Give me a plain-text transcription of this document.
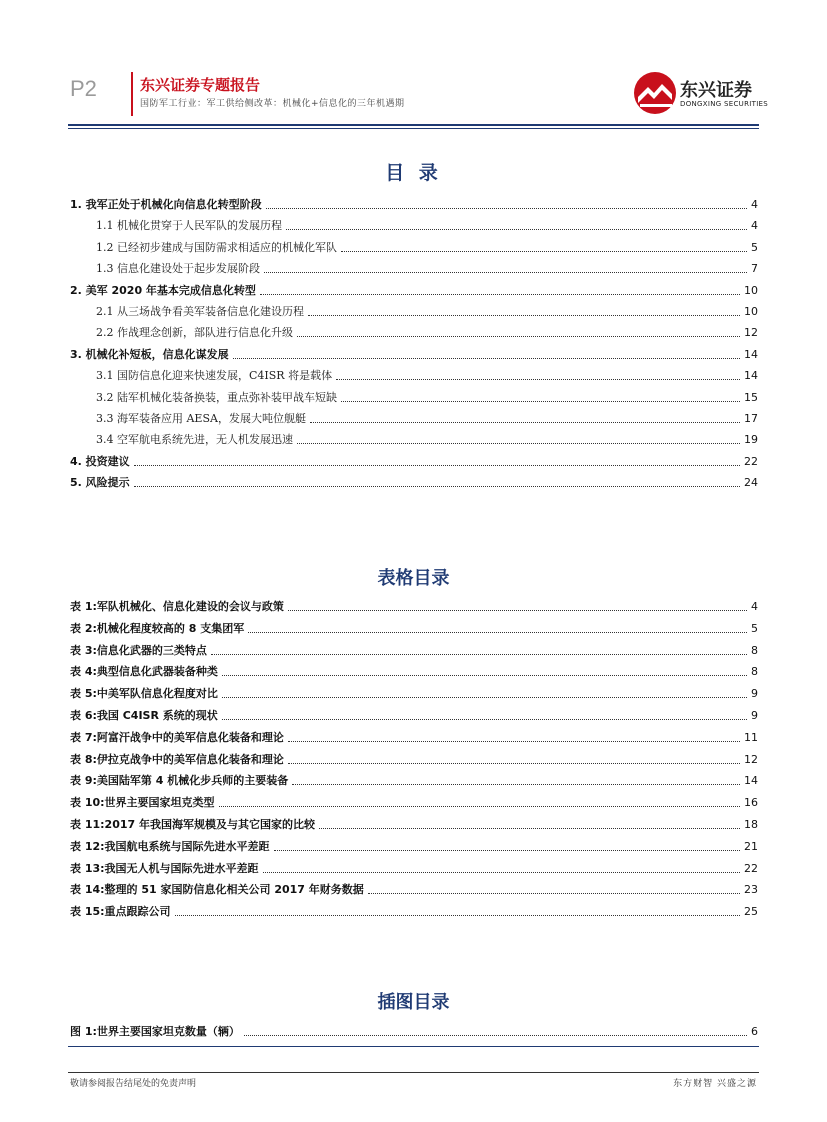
P2	东兴证券专题报告
国防军工行业：军工供给侧改革：机械化+信息化的三年机遇期
东兴证券
DONGXING SECURITIES
目 录
1. 我军正处于机械化向信息化转型阶段	4
1.1 机械化贯穿于人民军队的发展历程	4
1.2 已经初步建成与国防需求相适应的机械化军队	5
1.3 信息化建设处于起步发展阶段	7
2. 美军 2020 年基本完成信息化转型	10
2.1 从三场战争看美军装备信息化建设历程	10
2.2 作战理念创新，部队进行信息化升级	12
3. 机械化补短板，信息化谋发展	14
3.1 国防信息化迎来快速发展，C4ISR 将是载体	14
3.2 陆军机械化装备换装，重点弥补装甲战车短缺	15
3.3 海军装备应用 AESA，发展大吨位舰艇	17
3.4 空军航电系统先进，无人机发展迅速	19
4. 投资建议	22
5. 风险提示	24
表格目录
表 1:军队机械化、信息化建设的会议与政策	4
表 2:机械化程度较高的 8 支集团军	5
表 3:信息化武器的三类特点	8
表 4:典型信息化武器装备种类	8
表 5:中美军队信息化程度对比	9
表 6:我国 C4ISR 系统的现状	9
表 7:阿富汗战争中的美军信息化装备和理论	11
表 8:伊拉克战争中的美军信息化装备和理论	12
表 9:美国陆军第 4 机械化步兵师的主要装备	14
表 10:世界主要国家坦克类型	16
表 11:2017 年我国海军规模及与其它国家的比较	18
表 12:我国航电系统与国际先进水平差距	21
表 13:我国无人机与国际先进水平差距	22
表 14:整理的 51 家国防信息化相关公司 2017 年财务数据	23
表 15:重点跟踪公司	25
插图目录
图 1:世界主要国家坦克数量（辆）	6
敬请参阅报告结尾处的免责声明	东方财智 兴盛之源
